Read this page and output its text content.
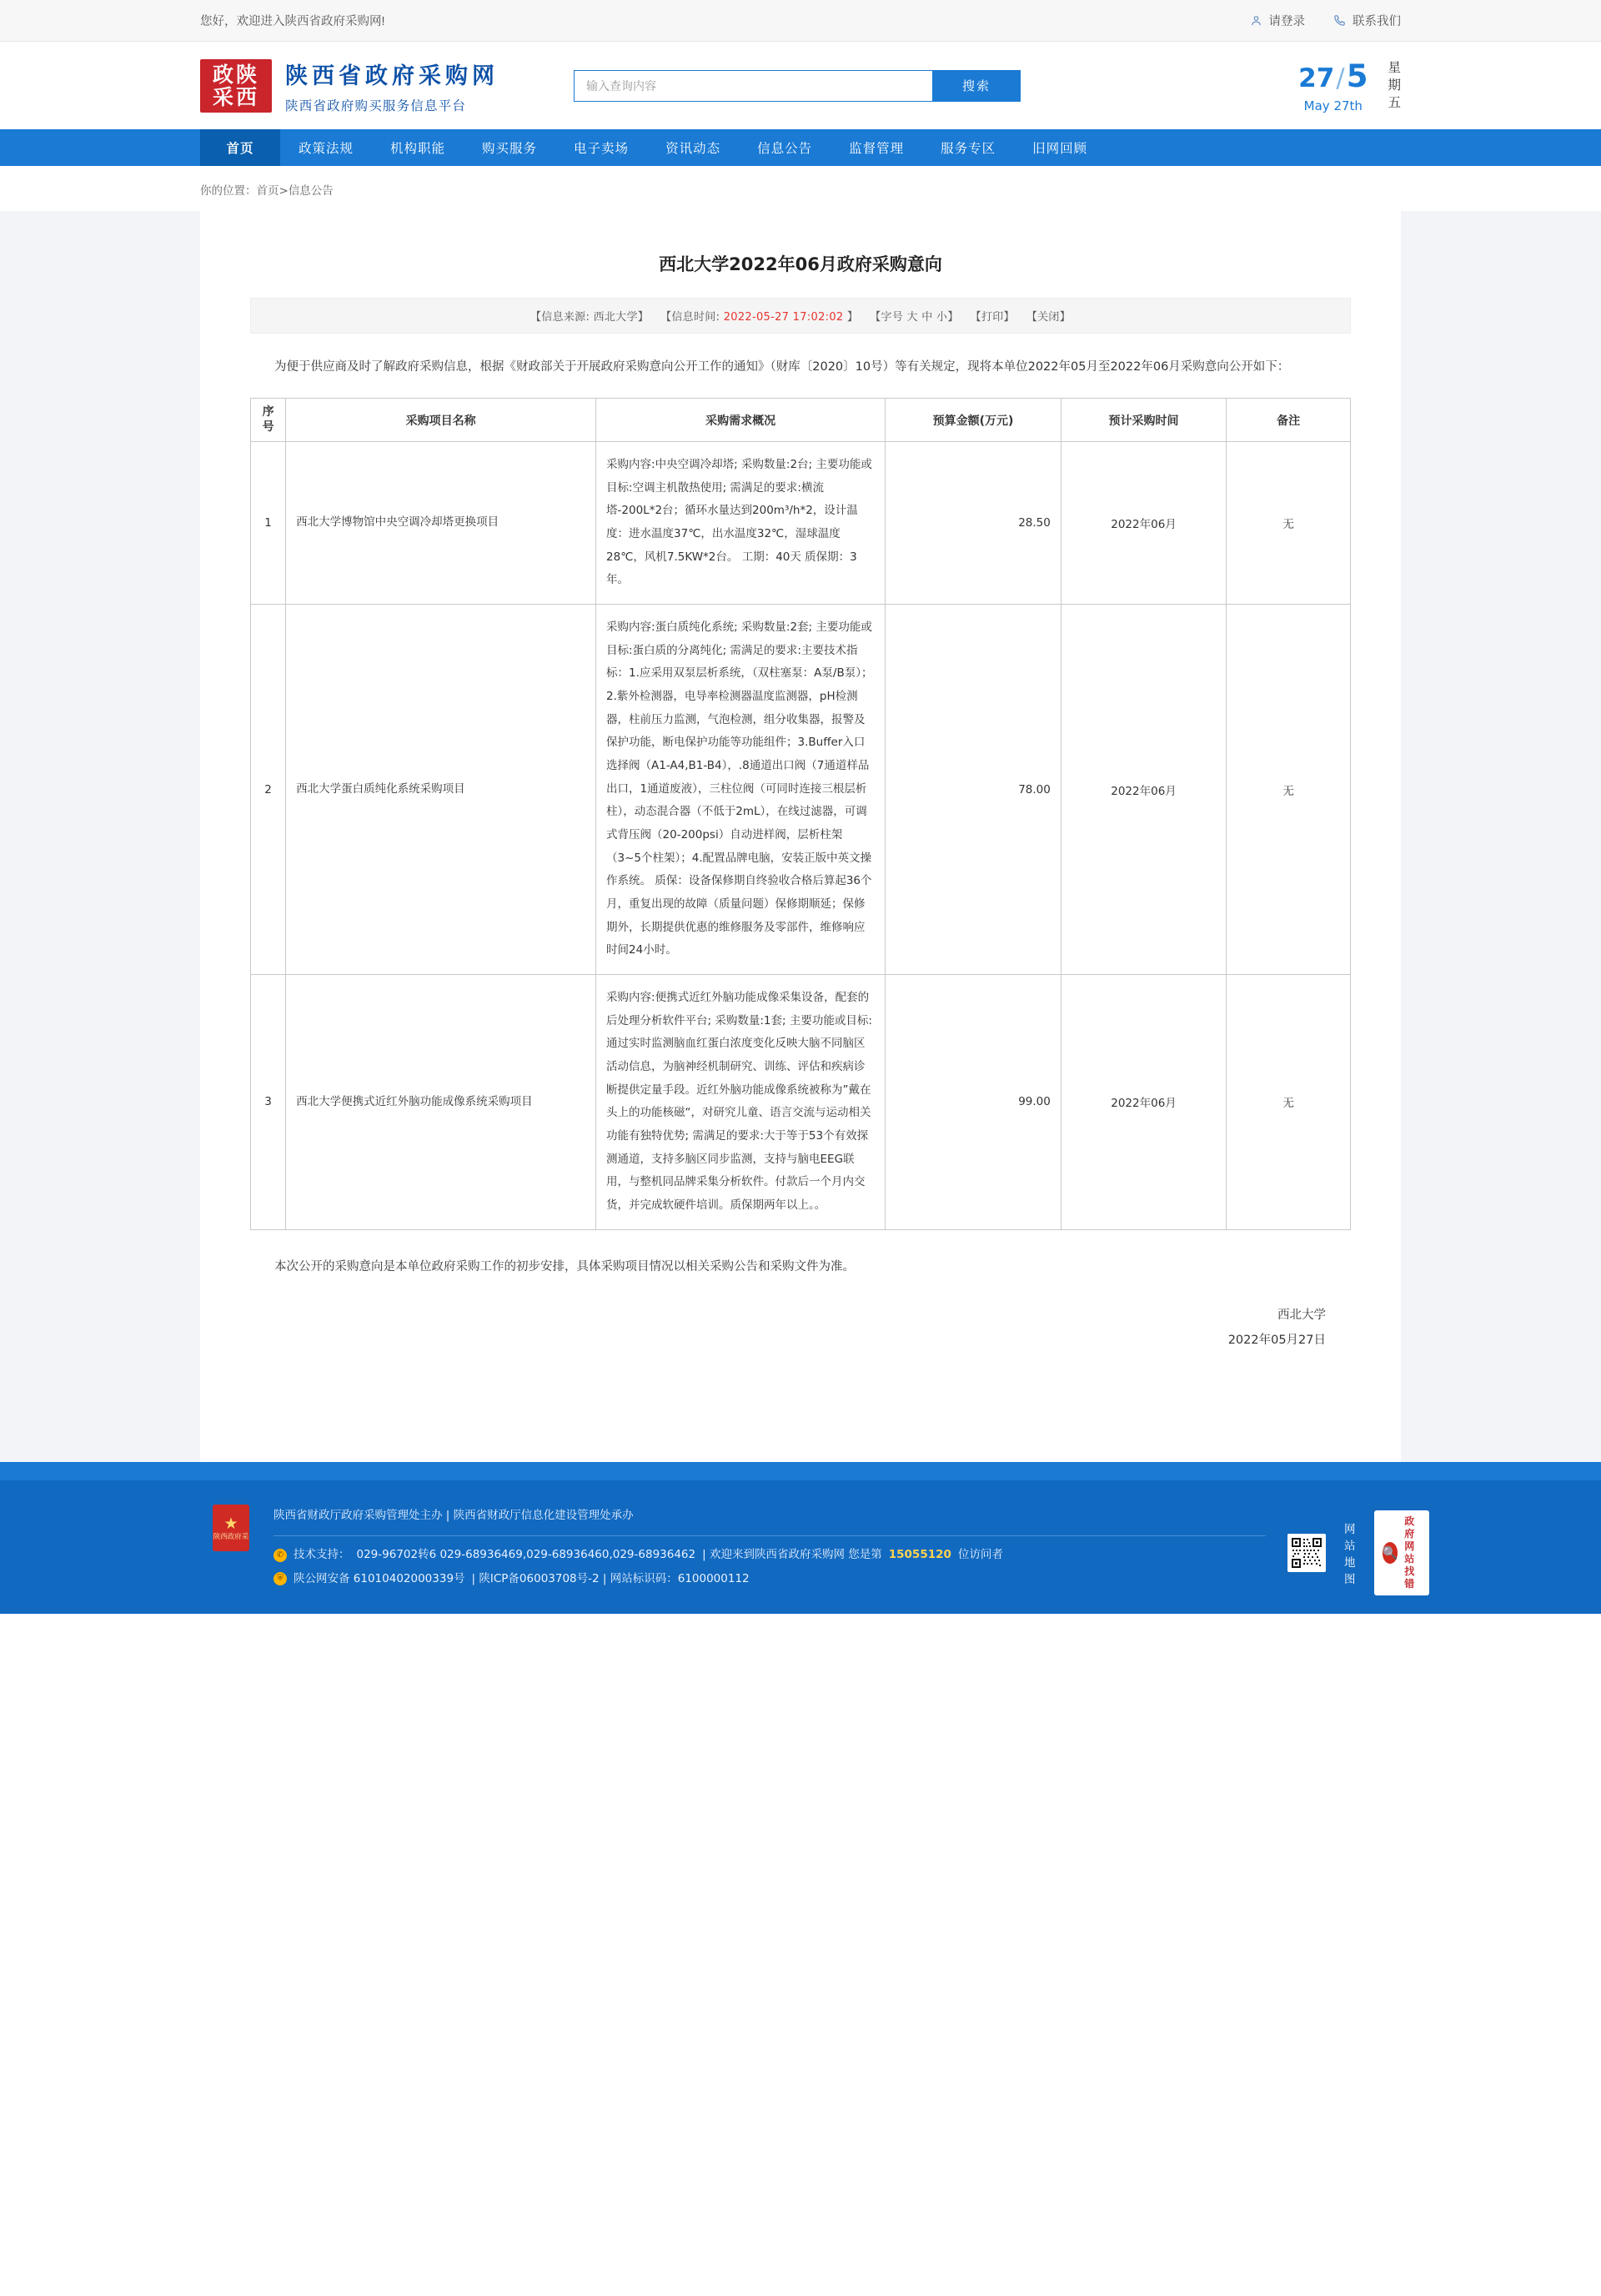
您好，欢迎进入陕西省政府采购网!	请登录	联系我们
政陕
采西
陕西省政府采购网
陕西省政府购买服务信息平台
输入查询内容
搜索	27/5
May 27th
星
期
五
首页	政策法规	机构职能	购买服务	电子卖场	资讯动态	信息公告	监督管理	服务专区	旧网回顾
你的位置：首页>信息公告
西北大学2022年06月政府采购意向
【信息来源: 西北大学】 【信息时间: 2022-05-27 17:02:02 】 【字号 大 中 小】 【打印】 【关闭】
为便于供应商及时了解政府采购信息，根据《财政部关于开展政府采购意向公开工作的通知》（财库〔2020〕10号）等有关规定，现将本单位2022年05月至2022年06月采购意向公开如下：
序
号	采购项目名称	采购需求概况	预算金额(万元)	预计采购时间	备注
1	西北大学博物馆中央空调冷却塔更换项目	采购内容:中央空调冷却塔; 采购数量:2台; 主要功能或目标:空调主机散热使用; 需满足的要求:横流塔-200L*2台；循环水量达到200m³/h*2，设计温度：进水温度37℃，出水温度32℃，湿球温度28℃，风机7.5KW*2台。 工期：40天 质保期：3年。	28.50	2022年06月	无
2	西北大学蛋白质纯化系统采购项目	采购内容:蛋白质纯化系统; 采购数量:2套; 主要功能或目标:蛋白质的分离纯化; 需满足的要求:主要技术指标：1.应采用双泵层析系统，（双柱塞泵：A泵/B泵）；2.紫外检测器，电导率检测器温度监测器，pH检测器，柱前压力监测，气泡检测，组分收集器，报警及保护功能，断电保护功能等功能组件；3.Buffer入口选择阀（A1-A4,B1-B4），.8通道出口阀（7通道样品出口，1通道废液），三柱位阀（可同时连接三根层析柱），动态混合器（不低于2mL），在线过滤器，可调式背压阀（20-200psi）自动进样阀，层析柱架（3~5个柱架）；4.配置品牌电脑，安装正版中英文操作系统。 质保：设备保修期自终验收合格后算起36个月，重复出现的故障（质量问题）保修期顺延；保修期外，长期提供优惠的维修服务及零部件，维修响应时间24小时。	78.00	2022年06月	无
3	西北大学便携式近红外脑功能成像系统采购项目	采购内容:便携式近红外脑功能成像采集设备，配套的后处理分析软件平台; 采购数量:1套; 主要功能或目标:通过实时监测脑血红蛋白浓度变化反映大脑不同脑区活动信息，为脑神经机制研究、训练、评估和疾病诊断提供定量手段。近红外脑功能成像系统被称为”戴在头上的功能核磁“，对研究儿童、语言交流与运动相关功能有独特优势; 需满足的要求:大于等于53个有效探测通道，支持多脑区同步监测，支持与脑电EEG联用，与整机同品牌采集分析软件。付款后一个月内交货，并完成软硬件培训。质保期两年以上。。	99.00	2022年06月	无
本次公开的采购意向是本单位政府采购工作的初步安排，具体采购项目情况以相关采购公告和采购文件为准。
西北大学
2022年05月27日
★
陕西政府采
陕西省财政厅政府采购管理处主办 | 陕西省财政厅信息化建设管理处承办
✆ 技术支持： 029-96702转6 029-68936469,029-68936460,029-68936462 | 欢迎来到陕西省政府采购网 您是第 15055120 位访问者
⛨ 陕公网安备 61010402000339号 | 陕ICP备06003708号-2 | 网站标识码：6100000112
网站地图
🔍
政府网站
找错
